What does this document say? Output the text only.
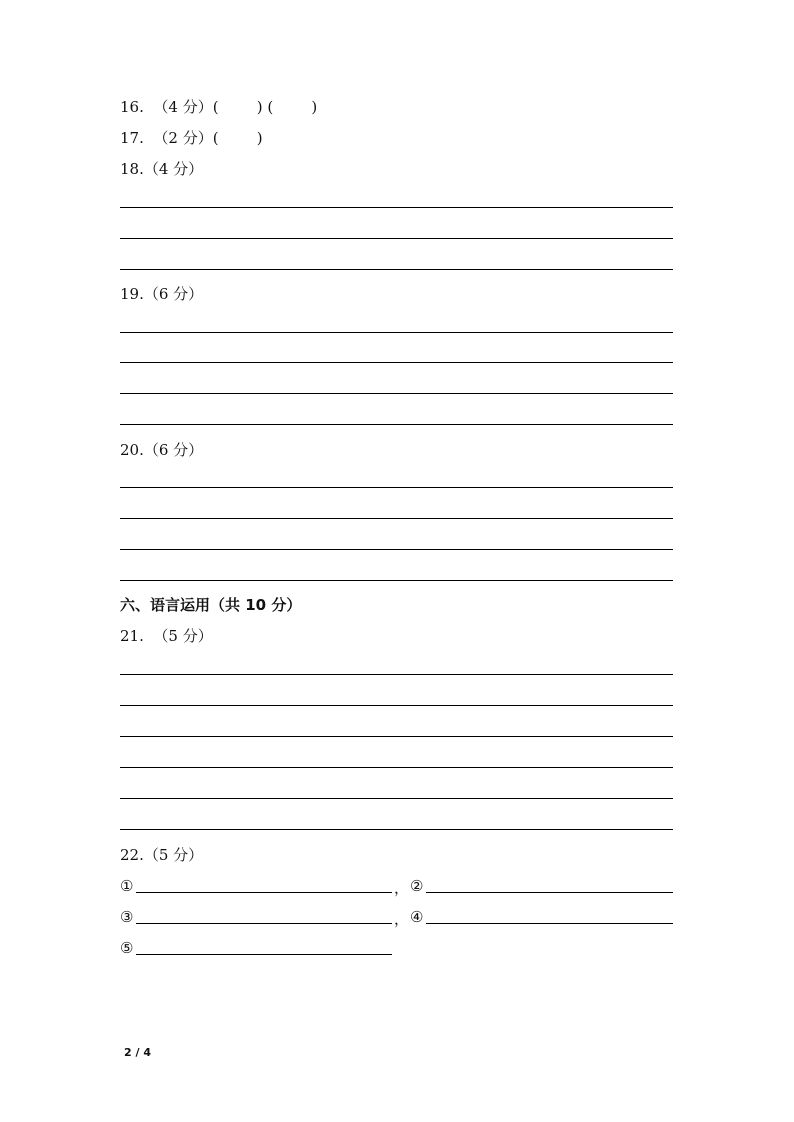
16.  （4 分）(        ) (        )
17.  （2 分）(        )
18.（4 分）
19.（6 分）
20.（6 分）
六、语言运用（共 10 分）
21.  （5 分）
22.（5 分）
①	， ②
③	， ④
⑤
2 / 4
